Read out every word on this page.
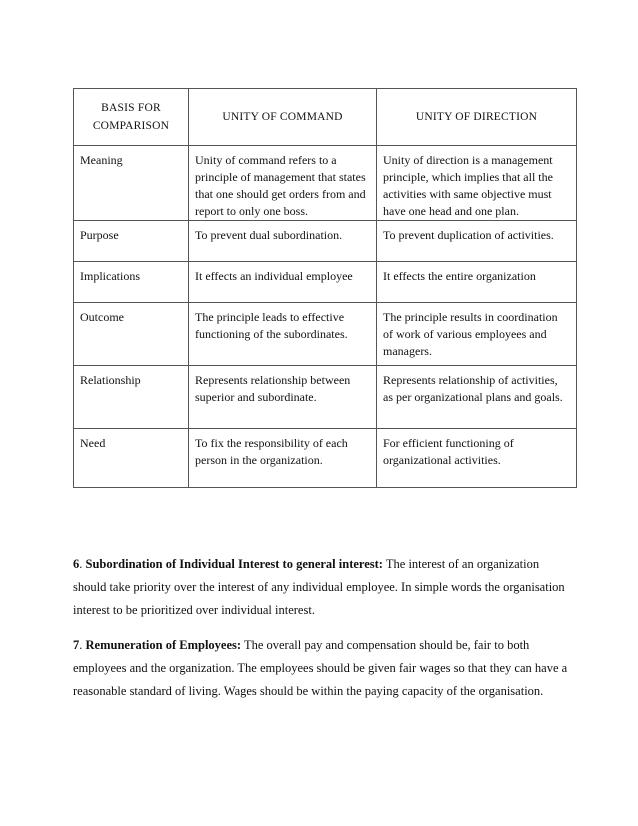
BASIS FOR
COMPARISON	UNITY OF COMMAND	UNITY OF DIRECTION
Meaning	Unity of command refers to a principle of management that states that one should get orders from and report to only one boss.	Unity of direction is a management principle, which implies that all the activities with same objective must have one head and one plan.
Purpose	To prevent dual subordination.	To prevent duplication of activities.
Implications	It effects an individual employee	It effects the entire organization
Outcome	The principle leads to effective functioning of the subordinates.	The principle results in coordination of work of various employees and managers.
Relationship	Represents relationship between superior and subordinate.	Represents relationship of activities, as per organizational plans and goals.
Need	To fix the responsibility of each person in the organization.	For efficient functioning of organizational activities.
6. Subordination of Individual Interest to general interest: The interest of an organization should take priority over the interest of any individual employee. In simple words the organisation interest to be prioritized over individual interest.
7. Remuneration of Employees: The overall pay and compensation should be, fair to both employees and the organization. The employees should be given fair wages so that they can have a reasonable standard of living. Wages should be within the paying capacity of the organisation.
